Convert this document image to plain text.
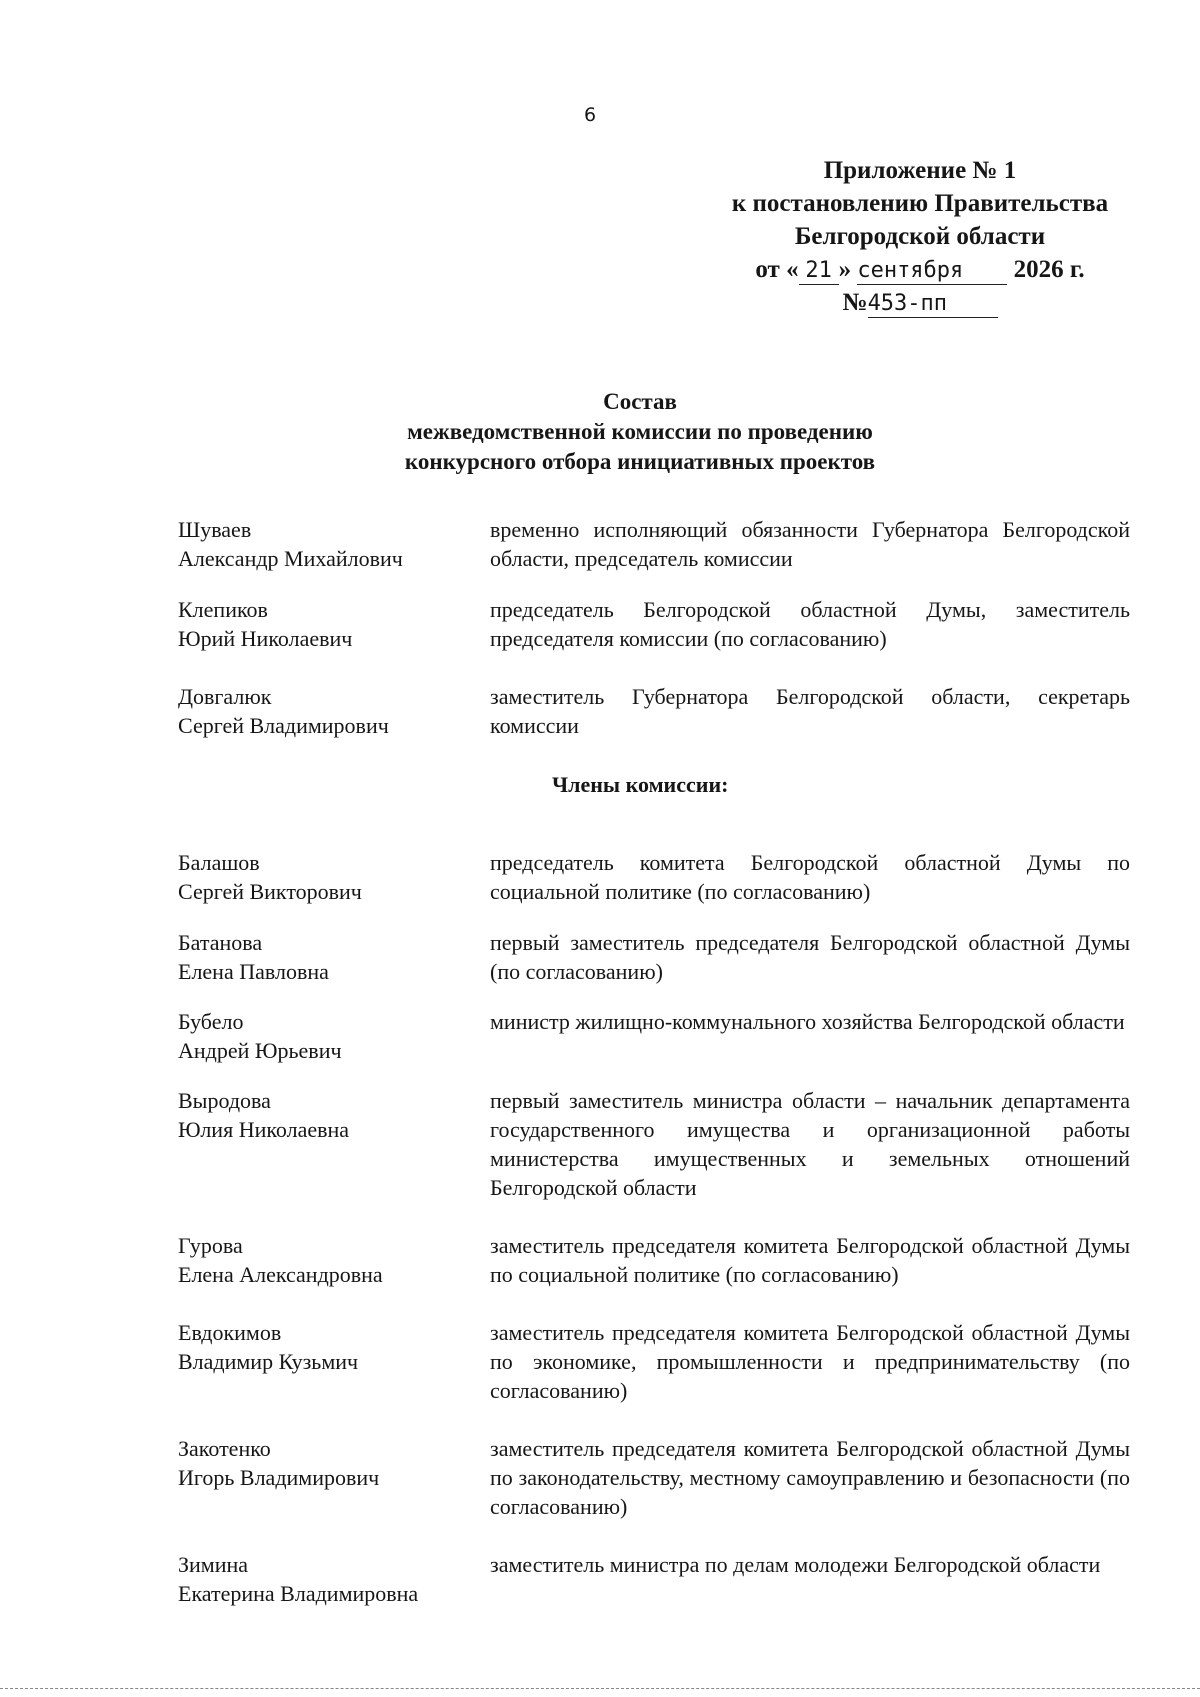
6
Приложение № 1
к постановлению Правительства
Белгородской области
от « 21 » сентября 2026 г.
№453-пп
Состав
межведомственной комиссии по проведению
конкурсного отбора инициативных проектов
Шуваев
Александр Михайлович
временно исполняющий обязанности Губернатора Белгородской области, председатель комиссии
Клепиков
Юрий Николаевич
председатель Белгородской областной Думы, заместитель председателя комиссии (по согласованию)
Довгалюк
Сергей Владимирович
заместитель Губернатора Белгородской области, секретарь комиссии
Члены комиссии:
Балашов
Сергей Викторович
председатель комитета Белгородской областной Думы по социальной политике (по согласованию)
Батанова
Елена Павловна
первый заместитель председателя Белгородской областной Думы (по согласованию)
Бубело
Андрей Юрьевич
министр жилищно-коммунального хозяйства Белгородской области
Выродова
Юлия Николаевна
первый заместитель министра области – начальник департамента государственного имущества и организационной работы министерства имущественных и земельных отношений Белгородской области
Гурова
Елена Александровна
заместитель председателя комитета Белгородской областной Думы по социальной политике (по согласованию)
Евдокимов
Владимир Кузьмич
заместитель председателя комитета Белгородской областной Думы по экономике, промышленности и предпринимательству (по согласованию)
Закотенко
Игорь Владимирович
заместитель председателя комитета Белгородской областной Думы по законодательству, местному самоуправлению и безопасности (по согласованию)
Зимина
Екатерина Владимировна
заместитель министра по делам молодежи Белгородской области
